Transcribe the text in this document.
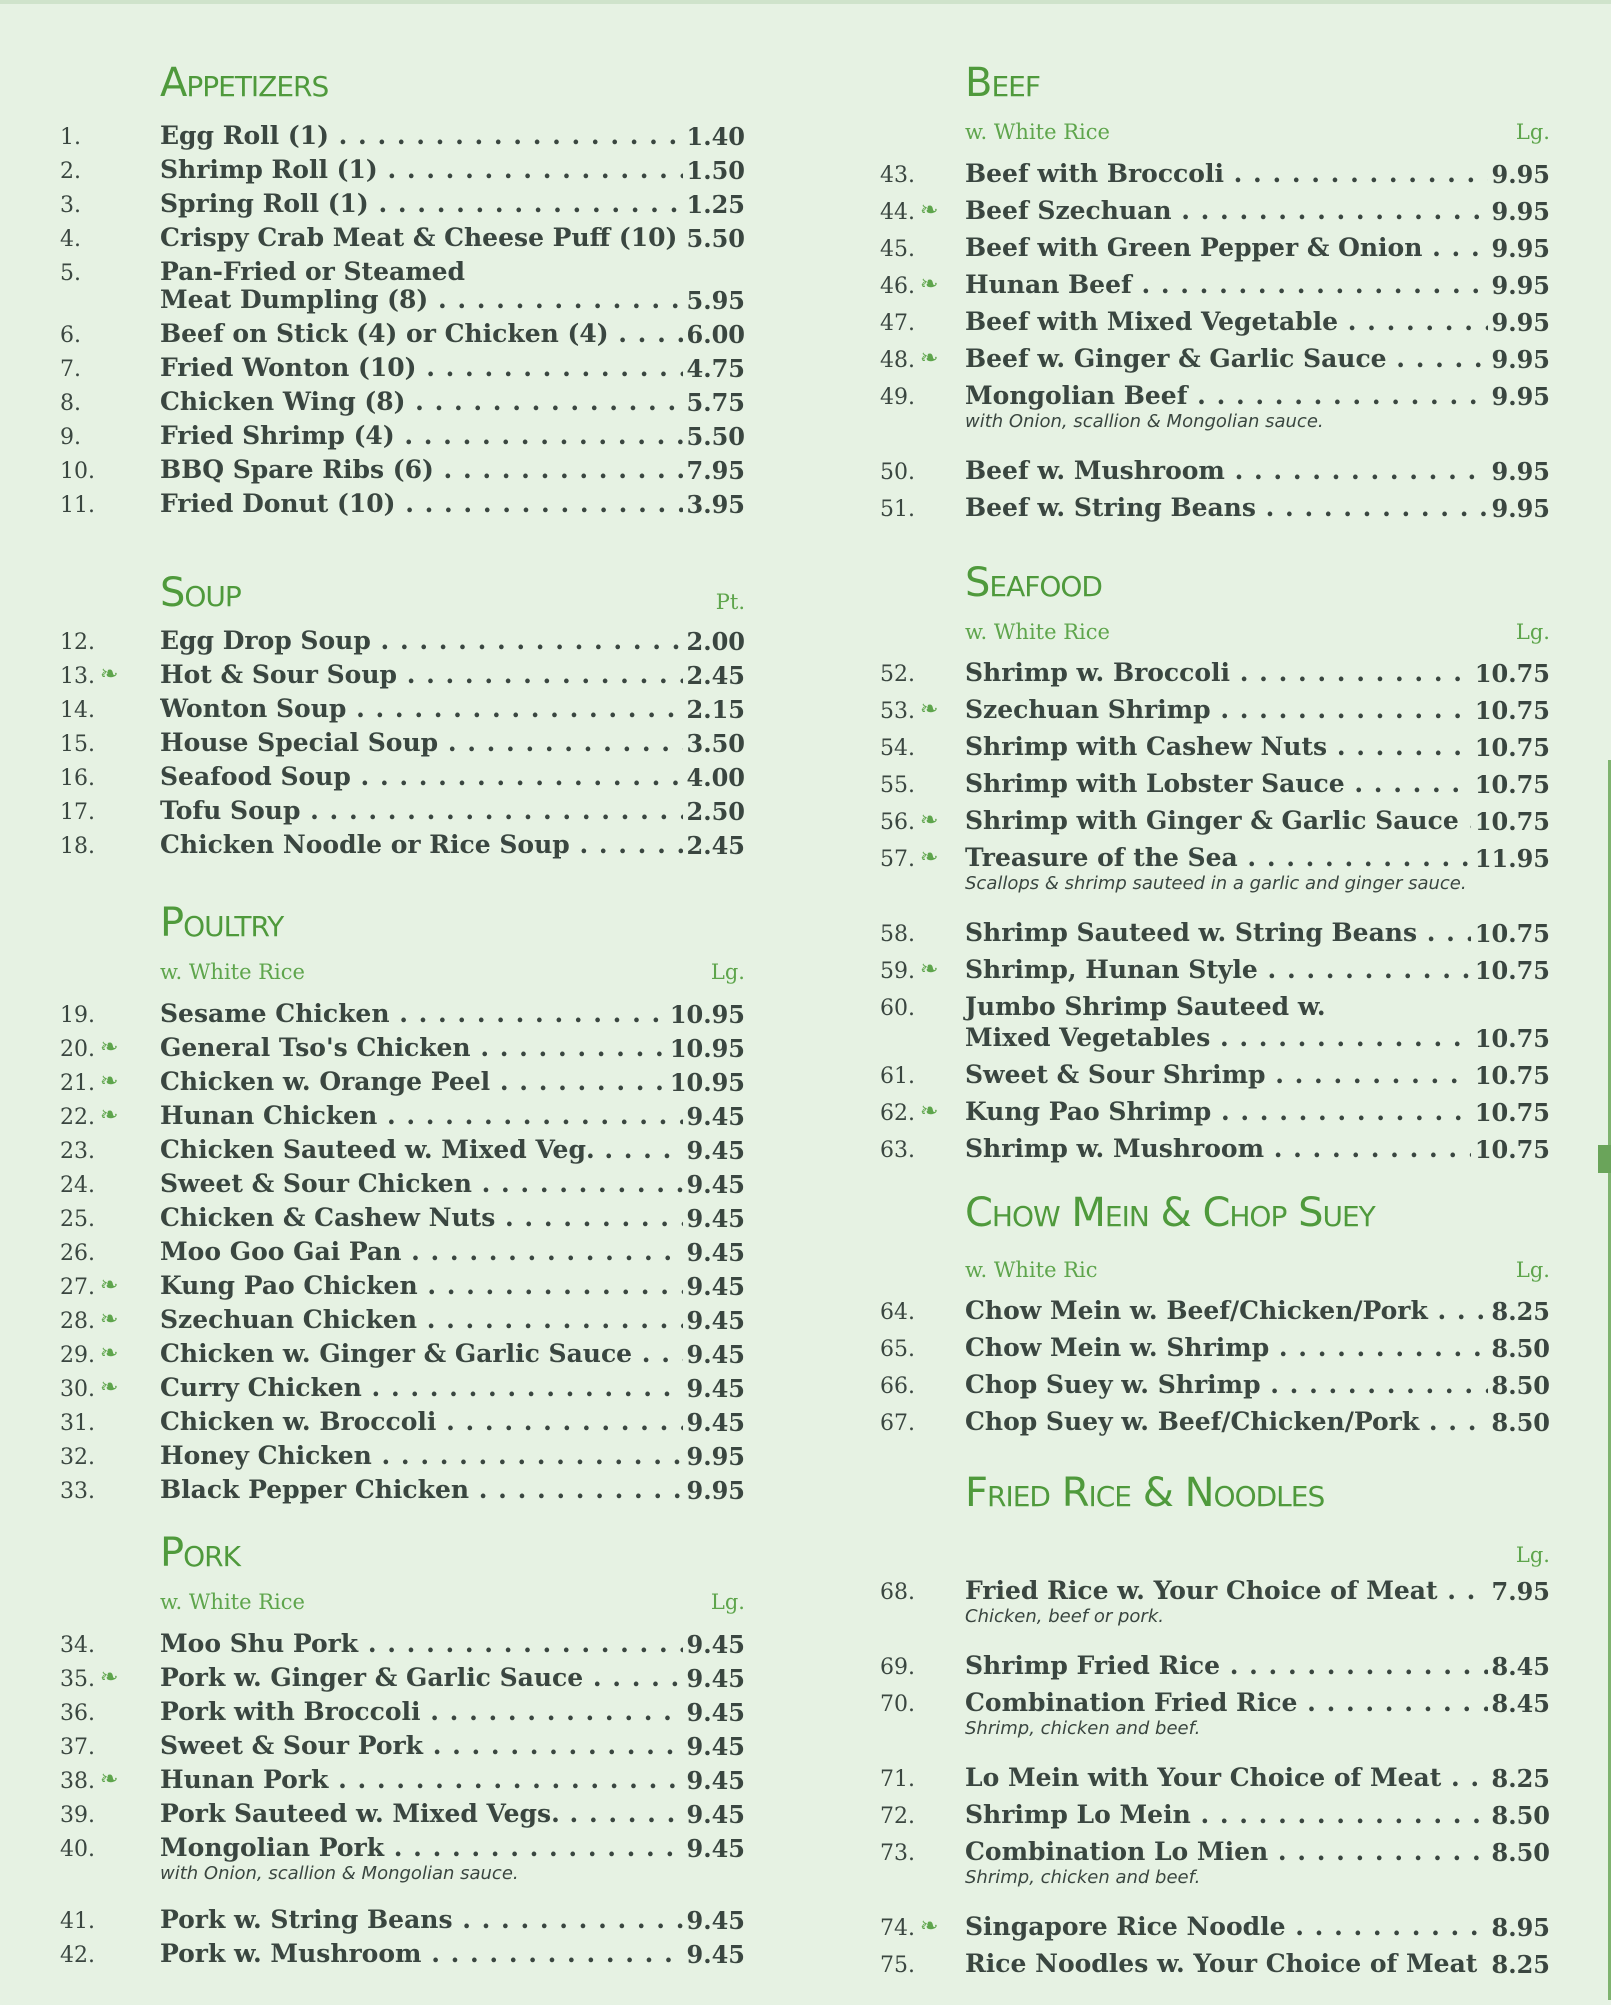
Appetizers
1.	Egg Roll (1) . . .	1.40
2.	Shrimp Roll (1) . . .	1.50
3.	Spring Roll (1) . . .	1.25
4.	Crispy Crab Meat & Cheese Puff (10) . . . 5.50
5.	Pan-Fried or Steamed
Meat Dumpling (8) . . .	5.95
6.	Beef on Stick (4) or Chicken (4) . . .	6.00
7.	Fried Wonton (10) . . .	4.75
8.	Chicken Wing (8) . . .	5.75
9.	Fried Shrimp (4) . . .	5.50
10.	BBQ Spare Ribs (6) . . .	7.95
11.	Fried Donut (10) . . .	3.95
Soup	Pt.
12.	Egg Drop Soup . . .	2.00
13. ❧ Hot & Sour Soup . . .	2.45
14.	Wonton Soup . . .	2.15
15.	House Special Soup . . .	3.50
16.	Seafood Soup . . .	4.00
17.	Tofu Soup . . .	2.50
18.	Chicken Noodle or Rice Soup . . .	2.45
Poultry
w. White Rice	Lg.
19.	Sesame Chicken . . .	10.95
20. ❧ General Tso's Chicken . . .	10.95
21. ❧ Chicken w. Orange Peel . . .	10.95
22. ❧ Hunan Chicken . . .	9.45
23.	Chicken Sauteed w. Mixed Veg. . . .	9.45
24.	Sweet & Sour Chicken . . .	9.45
25.	Chicken & Cashew Nuts . . .	9.45
26.	Moo Goo Gai Pan . . .	9.45
27. ❧ Kung Pao Chicken . . .	9.45
28. ❧ Szechuan Chicken . . .	9.45
29. ❧ Chicken w. Ginger & Garlic Sauce . . .	9.45
30. ❧ Curry Chicken . . .	9.45
31.	Chicken w. Broccoli . . .	9.45
32.	Honey Chicken . . .	9.95
33.	Black Pepper Chicken . . .	9.95
Pork
w. White Rice	Lg.
34.	Moo Shu Pork . . .	9.45
35. ❧ Pork w. Ginger & Garlic Sauce . . .	9.45
36.	Pork with Broccoli . . .	9.45
37.	Sweet & Sour Pork . . .	9.45
38. ❧ Hunan Pork . . .	9.45
39.	Pork Sauteed w. Mixed Vegs. . . .	9.45
40.	Mongolian Pork . . .	9.45
with Onion, scallion & Mongolian sauce.
41.	Pork w. String Beans . . .	9.45
42.	Pork w. Mushroom . . .	9.45
Beef
w. White Rice	Lg.
43. Beef with Broccoli . . .	9.95
44. ❧ Beef Szechuan . . .	9.95
45. Beef with Green Pepper & Onion . . .	9.95
46. ❧ Hunan Beef . . .	9.95
47. Beef with Mixed Vegetable . . .	9.95
48. ❧ Beef w. Ginger & Garlic Sauce . . .	9.95
49. Mongolian Beef . . .	9.95
with Onion, scallion & Mongolian sauce.
50. Beef w. Mushroom . . .	9.95
51. Beef w. String Beans . . .	9.95
Seafood
w. White Rice	Lg.
52. Shrimp w. Broccoli . . .	10.75
53. ❧ Szechuan Shrimp . . .	10.75
54. Shrimp with Cashew Nuts . . .	10.75
55. Shrimp with Lobster Sauce . . .	10.75
56. ❧ Shrimp with Ginger & Garlic Sauce . . . 10.75
57. ❧ Treasure of the Sea . . .	11.95
Scallops & shrimp sauteed in a garlic and ginger sauce.
58. Shrimp Sauteed w. String Beans . . .	10.75
59. ❧ Shrimp, Hunan Style . . .	10.75
60. Jumbo Shrimp Sauteed w.
Mixed Vegetables . . .	10.75
61. Sweet & Sour Shrimp . . .	10.75
62. ❧ Kung Pao Shrimp . . .	10.75
63. Shrimp w. Mushroom . . .	10.75
Chow Mein & Chop Suey
w. White Ric	Lg.
64. Chow Mein w. Beef/Chicken/Pork . . .	8.25
65. Chow Mein w. Shrimp . . .	8.50
66. Chop Suey w. Shrimp . . .	8.50
67. Chop Suey w. Beef/Chicken/Pork . . .	8.50
Fried Rice & Noodles
Lg.
68. Fried Rice w. Your Choice of Meat . . .	7.95
Chicken, beef or pork.
69. Shrimp Fried Rice . . .	8.45
70. Combination Fried Rice . . .	8.45
Shrimp, chicken and beef.
71. Lo Mein with Your Choice of Meat . . .	8.25
72. Shrimp Lo Mein . . .	8.50
73. Combination Lo Mien . . .	8.50
Shrimp, chicken and beef.
74. ❧ Singapore Rice Noodle . . .	8.95
75. Rice Noodles w. Your Choice of Meat . . . 8.25
